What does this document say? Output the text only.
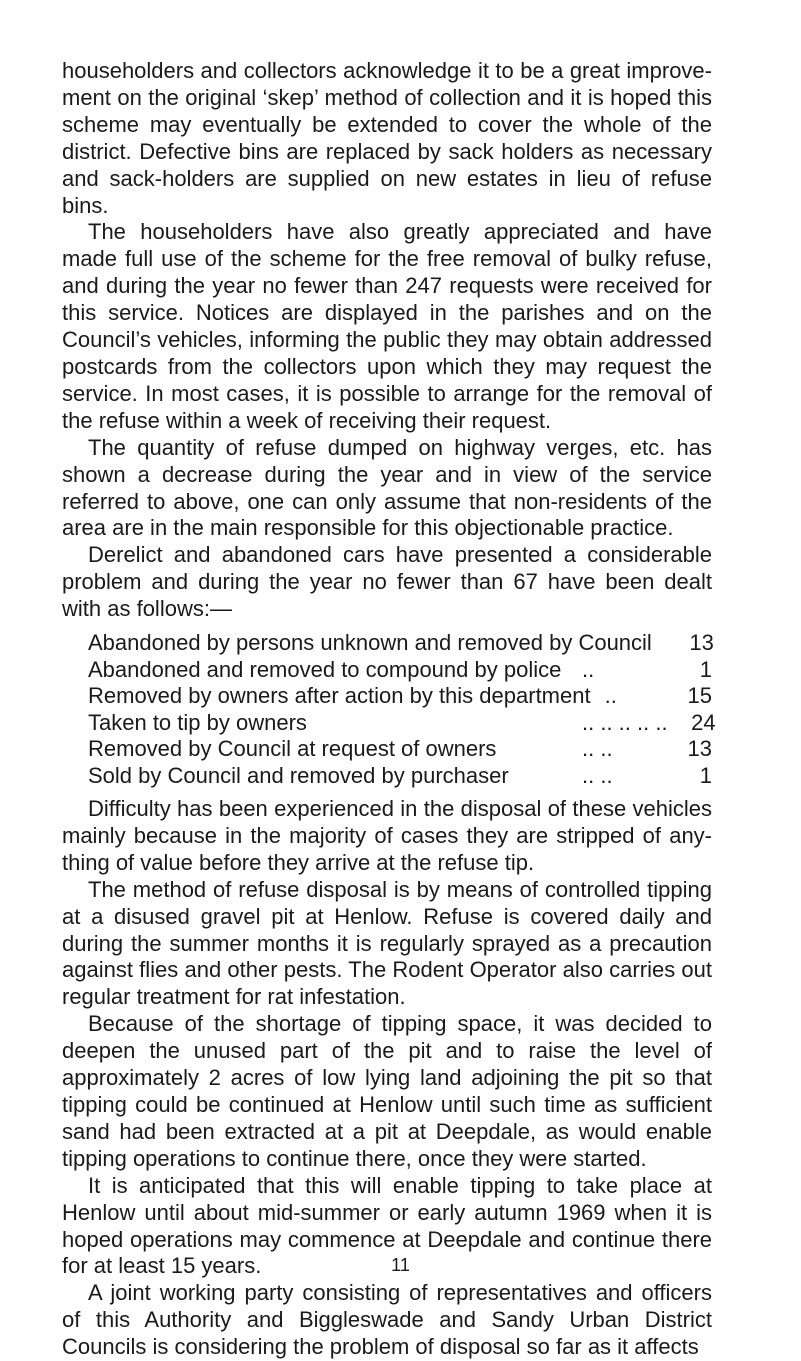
householders and collectors acknowledge it to be a great improve-ment on the original ‘skep’ method of collection and it is hoped this scheme may eventually be extended to cover the whole of the district. Defective bins are replaced by sack holders as necessary and sack-holders are supplied on new estates in lieu of refuse bins.

The householders have also greatly appreciated and have made full use of the scheme for the free removal of bulky refuse, and during the year no fewer than 247 requests were received for this service. Notices are displayed in the parishes and on the Council’s vehicles, informing the public they may obtain addressed postcards from the collectors upon which they may request the service. In most cases, it is possible to arrange for the removal of the refuse within a week of receiving their request.

The quantity of refuse dumped on highway verges, etc. has shown a decrease during the year and in view of the service referred to above, one can only assume that non-residents of the area are in the main responsible for this objectionable practice.

Derelict and abandoned cars have presented a considerable problem and during the year no fewer than 67 have been dealt with as follows:—

Abandoned by persons unknown and removed by Council	13
Abandoned and removed to compound by police ..	1
Removed by owners after action by this department ..	15
Taken to tip by owners	.. .. .. .. ..	24
Removed by Council at request of owners	.. ..	13
Sold by Council and removed by purchaser	.. ..	1

Difficulty has been experienced in the disposal of these vehicles mainly because in the majority of cases they are stripped of any-thing of value before they arrive at the refuse tip.

The method of refuse disposal is by means of controlled tipping at a disused gravel pit at Henlow. Refuse is covered daily and during the summer months it is regularly sprayed as a precaution against flies and other pests. The Rodent Operator also carries out regular treatment for rat infestation.

Because of the shortage of tipping space, it was decided to deepen the unused part of the pit and to raise the level of approximately 2 acres of low lying land adjoining the pit so that tipping could be continued at Henlow until such time as sufficient sand had been extracted at a pit at Deepdale, as would enable tipping operations to continue there, once they were started.

It is anticipated that this will enable tipping to take place at Henlow until about mid-summer or early autumn 1969 when it is hoped operations may commence at Deepdale and continue there for at least 15 years.

A joint working party consisting of representatives and officers of this Authority and Biggleswade and Sandy Urban District Councils is considering the problem of disposal so far as it affects

11
